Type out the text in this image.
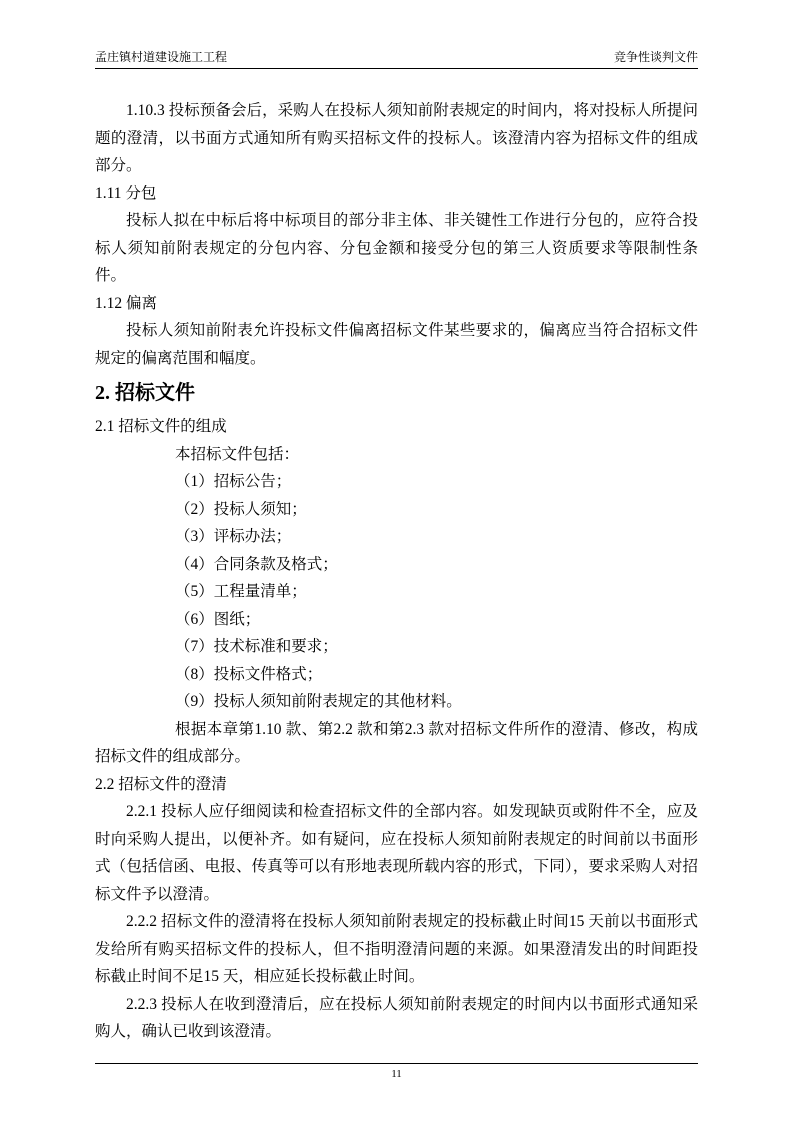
孟庄镇村道建设施工工程	竞争性谈判文件

1.10.3 投标预备会后，采购人在投标人须知前附表规定的时间内，将对投标人所提问题的澄清，以书面方式通知所有购买招标文件的投标人。该澄清内容为招标文件的组成部分。

1.11 分包

投标人拟在中标后将中标项目的部分非主体、非关键性工作进行分包的，应符合投标人须知前附表规定的分包内容、分包金额和接受分包的第三人资质要求等限制性条件。

1.12 偏离

投标人须知前附表允许投标文件偏离招标文件某些要求的，偏离应当符合招标文件规定的偏离范围和幅度。

2. 招标文件

2.1 招标文件的组成

本招标文件包括：

（1）招标公告；

（2）投标人须知；

（3）评标办法；

（4）合同条款及格式；

（5）工程量清单；

（6）图纸；

（7）技术标准和要求；

（8）投标文件格式；

（9）投标人须知前附表规定的其他材料。

根据本章第1.10 款、第2.2 款和第2.3 款对招标文件所作的澄清、修改，构成招标文件的组成部分。

2.2 招标文件的澄清

2.2.1 投标人应仔细阅读和检查招标文件的全部内容。如发现缺页或附件不全，应及时向采购人提出，以便补齐。如有疑问，应在投标人须知前附表规定的时间前以书面形式（包括信函、电报、传真等可以有形地表现所载内容的形式，下同），要求采购人对招标文件予以澄清。

2.2.2 招标文件的澄清将在投标人须知前附表规定的投标截止时间15 天前以书面形式发给所有购买招标文件的投标人，但不指明澄清问题的来源。如果澄清发出的时间距投标截止时间不足15 天，相应延长投标截止时间。

2.2.3 投标人在收到澄清后，应在投标人须知前附表规定的时间内以书面形式通知采购人，确认已收到该澄清。

11
